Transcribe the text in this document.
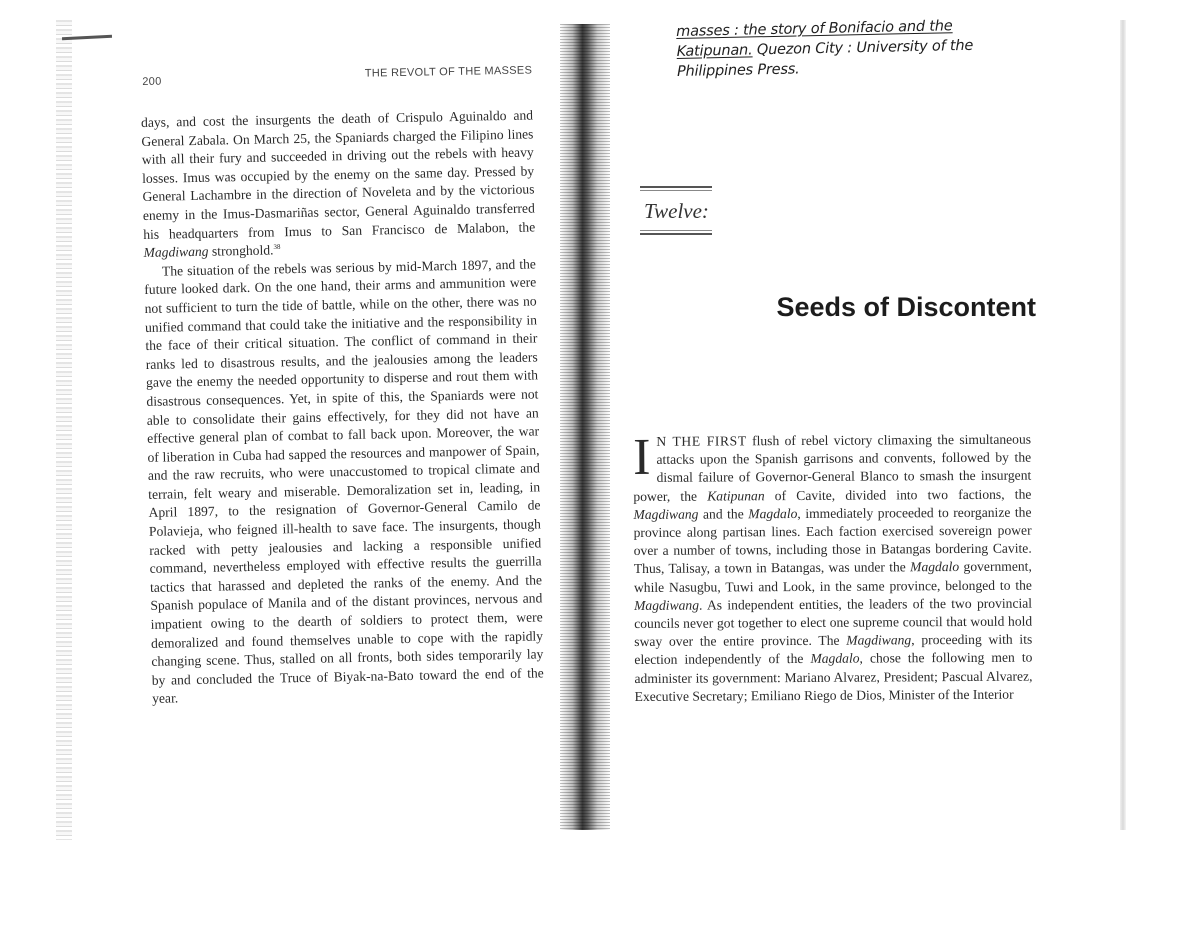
200
THE REVOLT OF THE MASSES

days, and cost the insurgents the death of Crispulo Aguinaldo and General Zabala. On March 25, the Spaniards charged the Filipino lines with all their fury and succeeded in driving out the rebels with heavy losses. Imus was occupied by the enemy on the same day. Pressed by General Lachambre in the direction of Noveleta and by the victorious enemy in the Imus-Dasmariñas sector, General Aguinaldo transferred his headquarters from Imus to San Francisco de Malabon, the Magdiwang stronghold.$^{38}$

The situation of the rebels was serious by mid-March 1897, and the future looked dark. On the one hand, their arms and ammunition were not sufficient to turn the tide of battle, while on the other, there was no unified command that could take the initiative and the responsibility in the face of their critical situation. The conflict of command in their ranks led to disastrous results, and the jealousies among the leaders gave the enemy the needed opportunity to disperse and rout them with disastrous consequences. Yet, in spite of this, the Spaniards were not able to consolidate their gains effectively, for they did not have an effective general plan of combat to fall back upon. Moreover, the war of liberation in Cuba had sapped the resources and manpower of Spain, and the raw recruits, who were unaccustomed to tropical climate and terrain, felt weary and miserable. Demoralization set in, leading, in April 1897, to the resignation of Governor-General Camilo de Polavieja, who feigned ill-health to save face. The insurgents, though racked with petty jealousies and lacking a responsible unified command, nevertheless employed with effective results the guerrilla tactics that harassed and depleted the ranks of the enemy. And the Spanish populace of Manila and of the distant provinces, nervous and impatient owing to the dearth of soldiers to protect them, were demoralized and found themselves unable to cope with the rapidly changing scene. Thus, stalled on all fronts, both sides temporarily lay by and concluded the Truce of Biyak-na-Bato toward the end of the year.

masses : the story of Bonifacio and the
Katipunan. Quezon City : University of the
Philippines Press.
Twelve:
Seeds of Discontent

I N THE FIRST flush of rebel victory climaxing the simultaneous attacks upon the Spanish garrisons and convents, followed by the dismal failure of Governor-General Blanco to smash the insurgent power, the Katipunan of Cavite, divided into two factions, the Magdiwang and the Magdalo, immediately proceeded to reorganize the province along partisan lines. Each faction exercised sovereign power over a number of towns, including those in Batangas bordering Cavite. Thus, Talisay, a town in Batangas, was under the Magdalo government, while Nasugbu, Tuwi and Look, in the same province, belonged to the Magdiwang. As independent entities, the leaders of the two provincial councils never got together to elect one supreme council that would hold sway over the entire province. The Magdiwang, proceeding with its election independently of the Magdalo, chose the following men to administer its government: Mariano Alvarez, President; Pascual Alvarez, Executive Secretary; Emiliano Riego de Dios, Minister of the Interior
